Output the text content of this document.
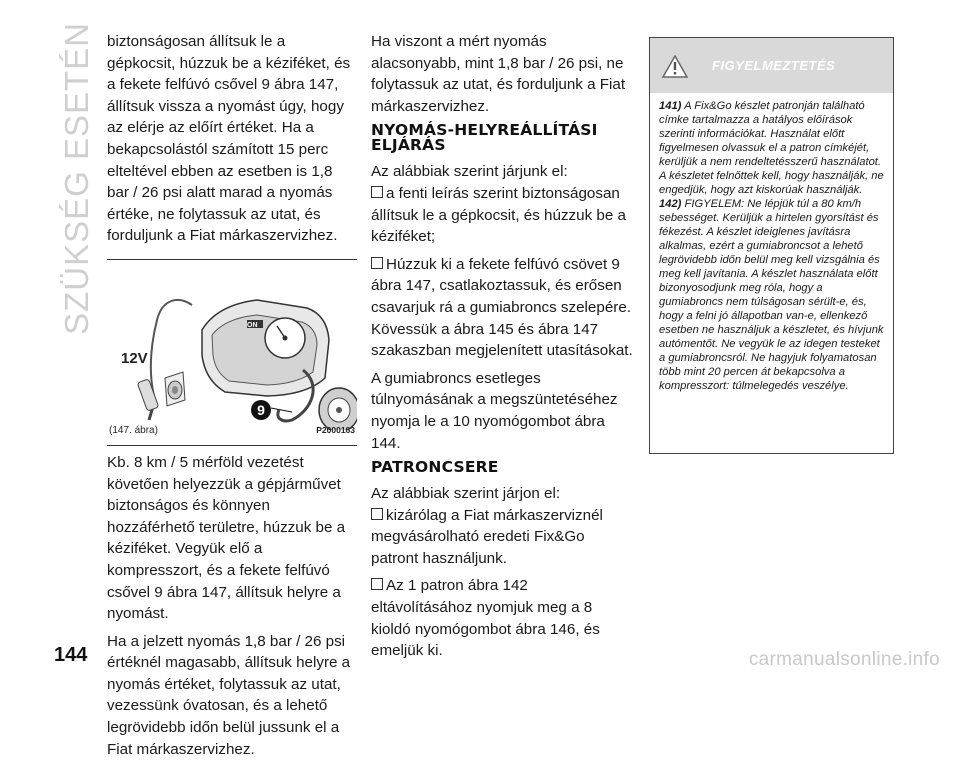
SZÜKSÉG ESETÉN biztonságosan állítsuk le a gépkocsit, húzzuk be a kéziféket, és a fekete felfúvó csővel 9 ábra 147, állítsuk vissza a nyomást úgy, hogy az elérje az előírt értéket. Ha a bekapcsolástól számított 15 perc elteltével ebben az esetben is 1,8 bar / 26 psi alatt marad a nyomás értéke, ne folytassuk az utat, és forduljunk a Fiat márkaszervizhez.

9
ON
12V
(147. ábra)	P2000163

Kb. 8 km / 5 mérföld vezetést követően helyezzük a gépjárművet biztonságos és könnyen hozzáférhető területre, húzzuk be a kéziféket. Vegyük elő a kompresszort, és a fekete felfúvó csővel 9 ábra 147, állítsuk helyre a nyomást.

Ha a jelzett nyomás 1,8 bar / 26 psi értéknél magasabb, állítsuk helyre a nyomás értéket, folytassuk az utat, vezessünk óvatosan, és a lehető legrövidebb időn belül jussunk el a Fiat márkaszervizhez.

Ha viszont a mért nyomás alacsonyabb, mint 1,8 bar / 26 psi, ne folytassuk az utat, és forduljunk a Fiat márkaszervizhez.

NYOMÁS-HELYREÁLLÍTÁSI ELJÁRÁS

Az alábbiak szerint járjunk el:

a fenti leírás szerint biztonságosan állítsuk le a gépkocsit, és húzzuk be a kéziféket;

Húzzuk ki a fekete felfúvó csövet 9 ábra 147, csatlakoztassuk, és erősen csavarjuk rá a gumiabroncs szelepére. Kövessük a ábra 145 és ábra 147 szakaszban megjelenített utasításokat.

A gumiabroncs esetleges túlnyomásának a megszüntetéséhez nyomja le a 10 nyomógombot ábra 144.

PATRONCSERE

Az alábbiak szerint járjon el:

kizárólag a Fiat márkaszerviznél megvásárolható eredeti Fix&Go patront használjunk.

Az 1 patron ábra 142 eltávolításához nyomjuk meg a 8 kioldó nyomógombot ábra 146, és emeljük ki.

FIGYELMEZTETÉS

141) A Fix&Go készlet patronján található címke tartalmazza a hatályos előírások szerinti információkat. Használat előtt figyelmesen olvassuk el a patron címkéjét, kerüljük a nem rendeltetésszerű használatot. A készletet felnőttek kell, hogy használják, ne engedjük, hogy azt kiskorúak használják.

142) FIGYELEM: Ne lépjük túl a 80 km/h sebességet. Kerüljük a hirtelen gyorsítást és fékezést. A készlet ideiglenes javításra alkalmas, ezért a gumiabroncsot a lehető legrövidebb időn belül meg kell vizsgálnia és meg kell javítania. A készlet használata előtt bizonyosodjunk meg róla, hogy a gumiabroncs nem túlságosan sérült-e, és, hogy a felni jó állapotban van-e, ellenkező esetben ne használjuk a készletet, és hívjunk autómentőt. Ne vegyük le az idegen testeket a gumiabroncsról. Ne hagyjuk folyamatosan több mint 20 percen át bekapcsolva a kompresszort: túlmelegedés veszélye.

144	carmanualsonline.info
